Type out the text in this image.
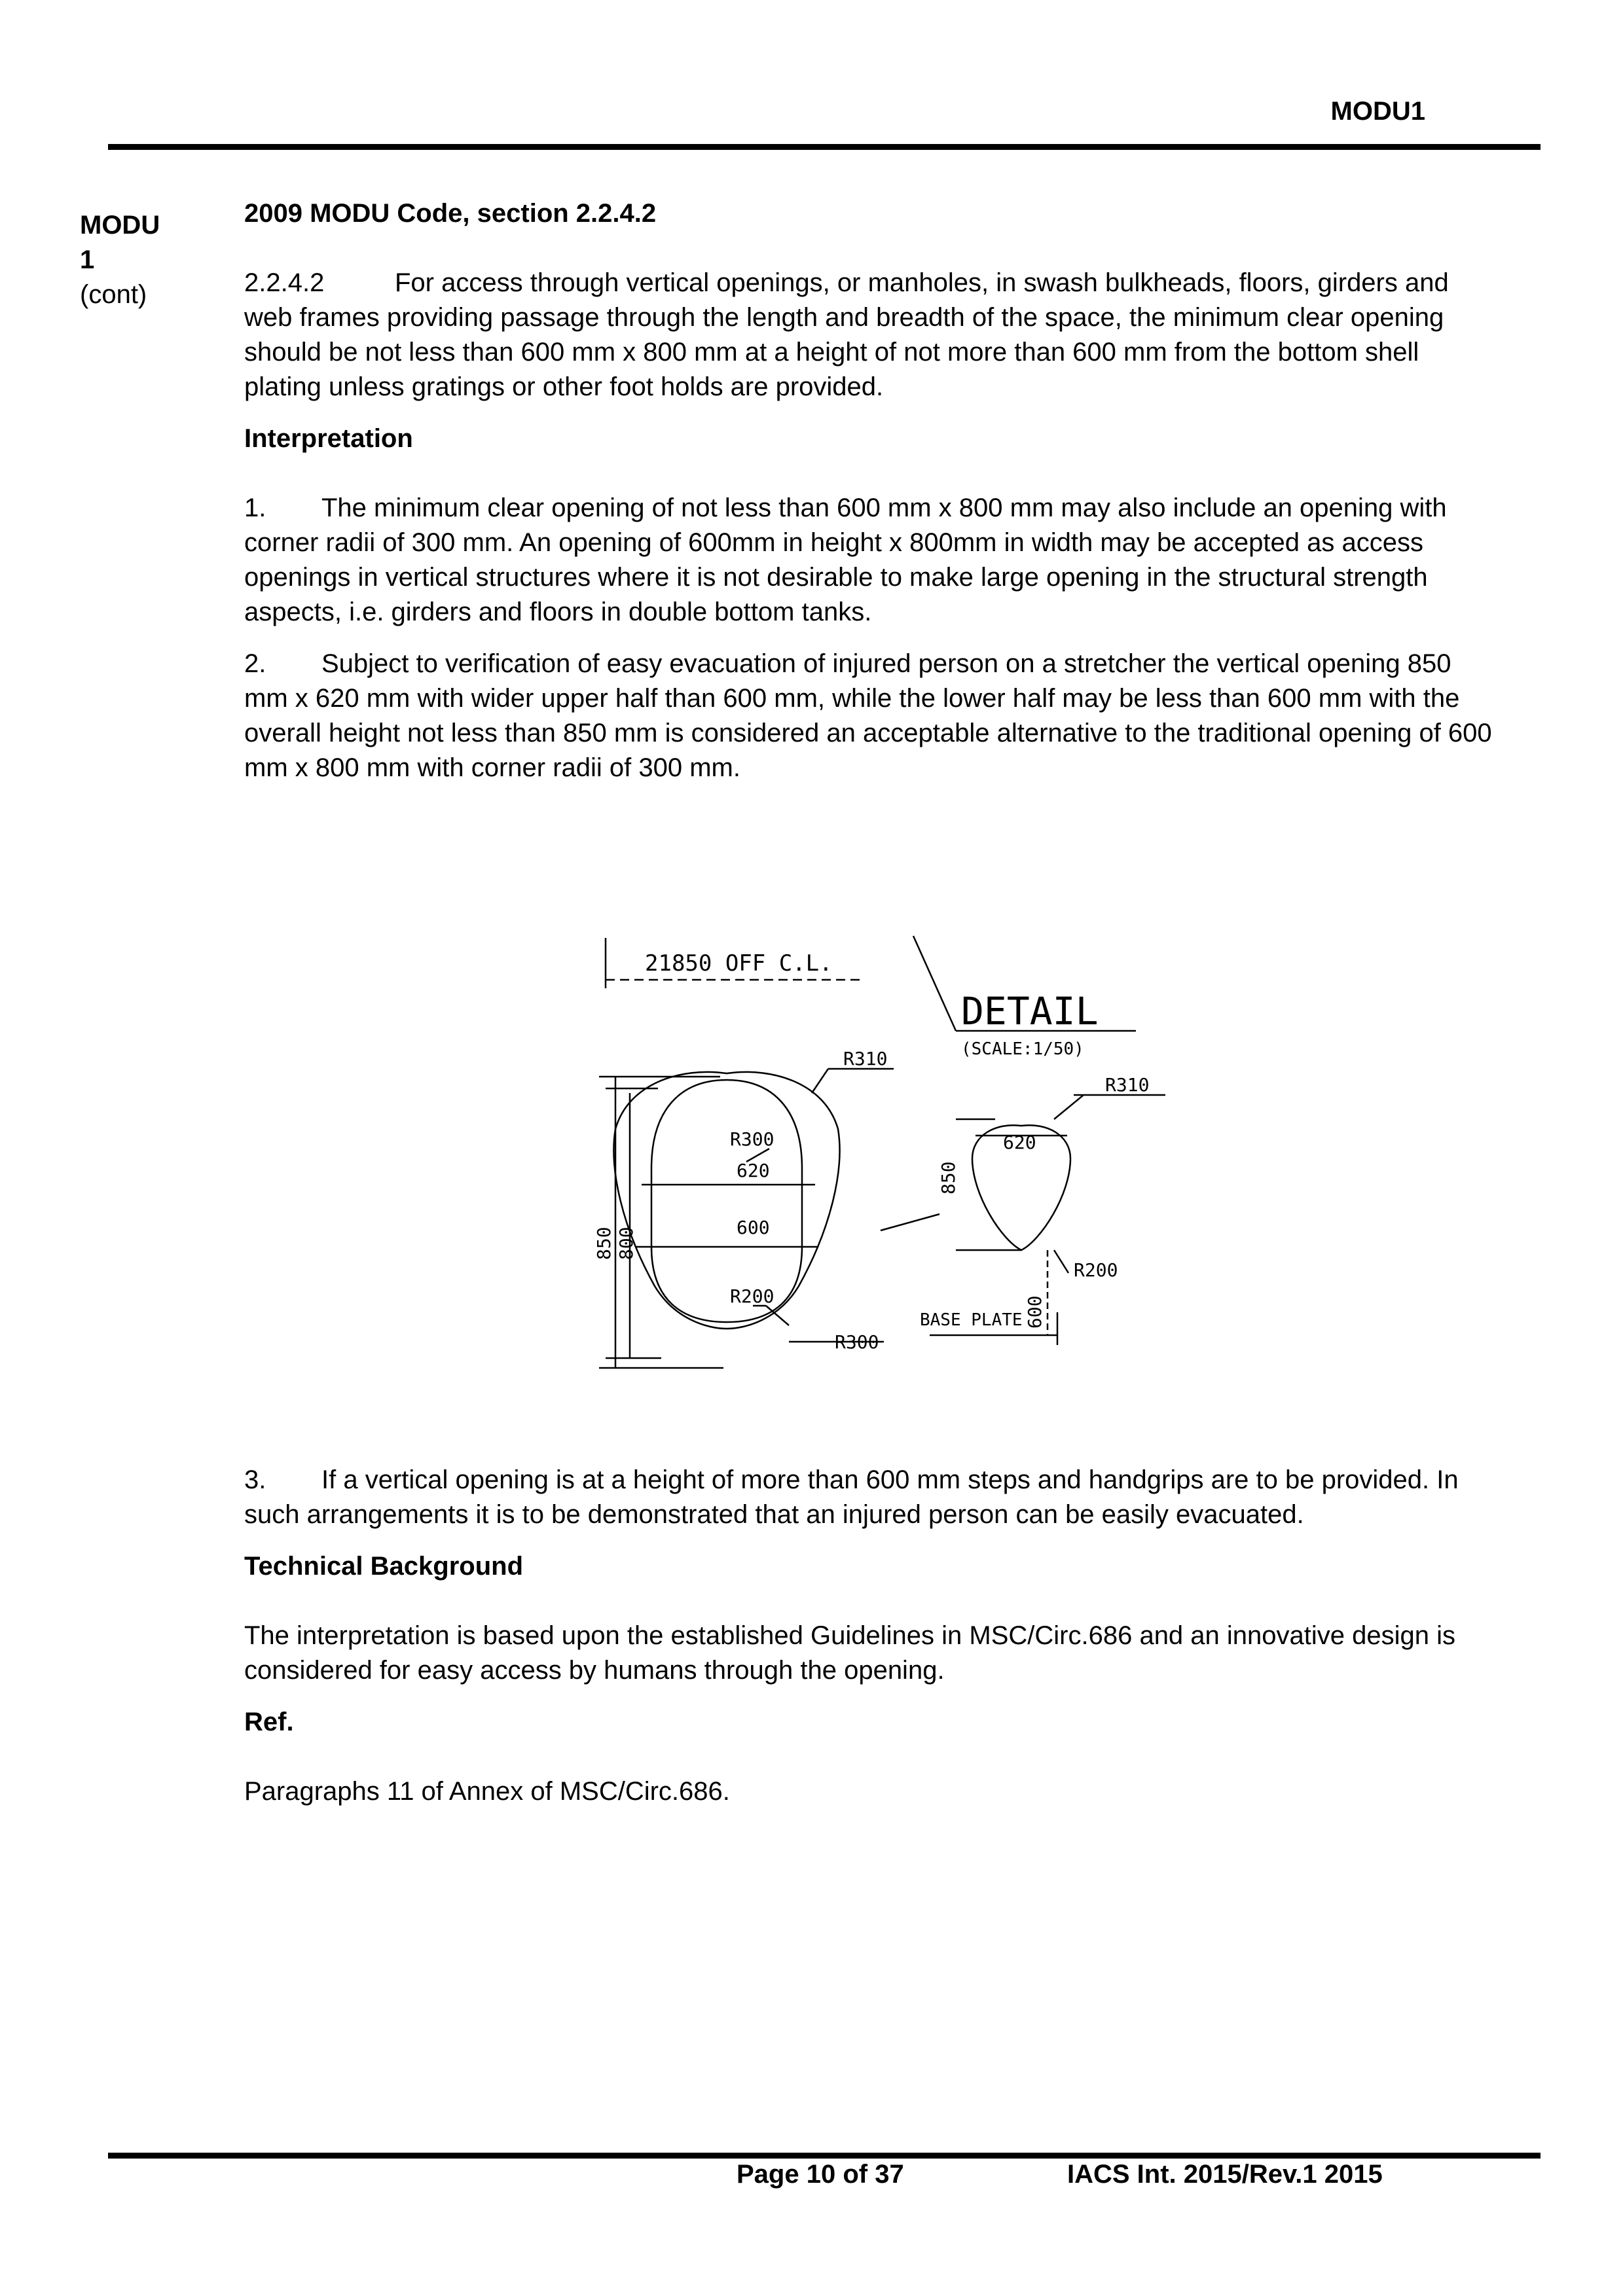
MODU1
MODU
1
(cont)

2009 MODU Code, section 2.2.4.2

2.2.4.2	For access through vertical openings, or manholes, in swash bulkheads, floors, girders and web frames providing passage through the length and breadth of the space, the minimum clear opening should be not less than 600 mm x 800 mm at a height of not more than 600 mm from the bottom shell plating unless gratings or other foot holds are provided.

Interpretation

1. The minimum clear opening of not less than 600 mm x 800 mm may also include an opening with corner radii of 300 mm. An opening of 600mm in height x 800mm in width may be accepted as access openings in vertical structures where it is not desirable to make large opening in the structural strength aspects, i.e. girders and floors in double bottom tanks.

2. Subject to verification of easy evacuation of injured person on a stretcher the vertical opening 850 mm x 620 mm with wider upper half than 600 mm, while the lower half may be less than 600 mm with the overall height not less than 850 mm is considered an acceptable alternative to the traditional opening of 600 mm x 800 mm with corner radii of 300 mm.

3. If a vertical opening is at a height of more than 600 mm steps and handgrips are to be provided. In such arrangements it is to be demonstrated that an injured person can be easily evacuated.

Technical Background

The interpretation is based upon the established Guidelines in MSC/Circ.686 and an innovative design is considered for easy access by humans through the opening.

Ref.

Paragraphs 11 of Annex of MSC/Circ.686.

21850 OFF C.L.
DETAIL
(SCALE:1/50)
R310
R310
R300
620
600
R200
R300
850 800
850
620
R200
600
BASE PLATE
Page 10 of 37	IACS Int. 2015/Rev.1 2015
